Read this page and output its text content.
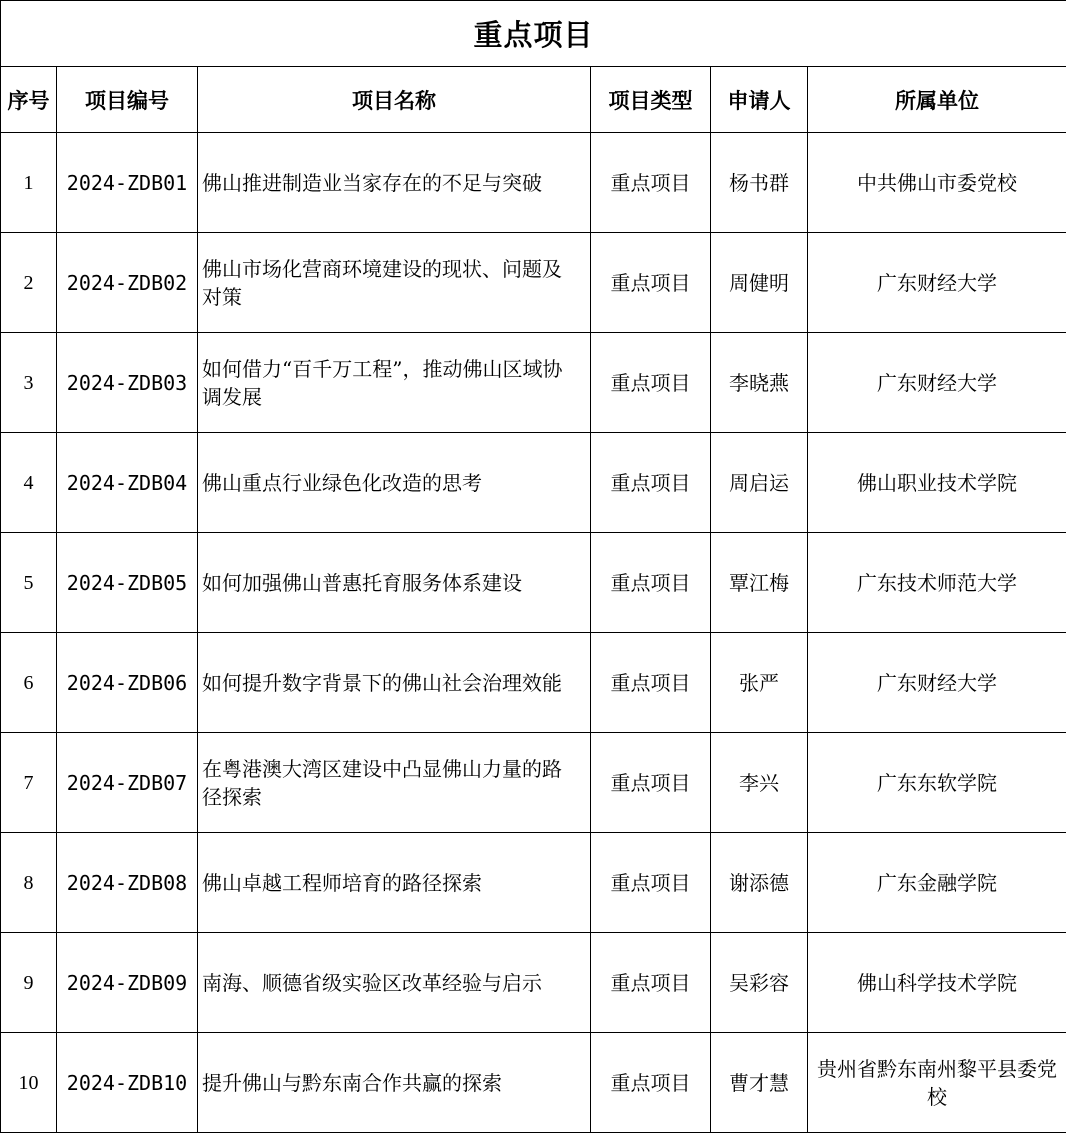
重点项目					
序号	项目编号	项目名称	项目类型	申请人	所属单位
1	2024-ZDB01	佛山推进制造业当家存在的不足与突破	重点项目	杨书群	中共佛山市委党校
2	2024-ZDB02	佛山市场化营商环境建设的现状、问题及对策	重点项目	周健明	广东财经大学
3	2024-ZDB03	如何借力“百千万工程”，推动佛山区域协调发展	重点项目	李晓燕	广东财经大学
4	2024-ZDB04	佛山重点行业绿色化改造的思考	重点项目	周启运	佛山职业技术学院
5	2024-ZDB05	如何加强佛山普惠托育服务体系建设	重点项目	覃江梅	广东技术师范大学
6	2024-ZDB06	如何提升数字背景下的佛山社会治理效能	重点项目	张严	广东财经大学
7	2024-ZDB07	在粤港澳大湾区建设中凸显佛山力量的路径探索	重点项目	李兴	广东东软学院
8	2024-ZDB08	佛山卓越工程师培育的路径探索	重点项目	谢添德	广东金融学院
9	2024-ZDB09	南海、顺德省级实验区改革经验与启示	重点项目	吴彩容	佛山科学技术学院
10	2024-ZDB10	提升佛山与黔东南合作共赢的探索	重点项目	曹才慧	贵州省黔东南州黎平县委党校
